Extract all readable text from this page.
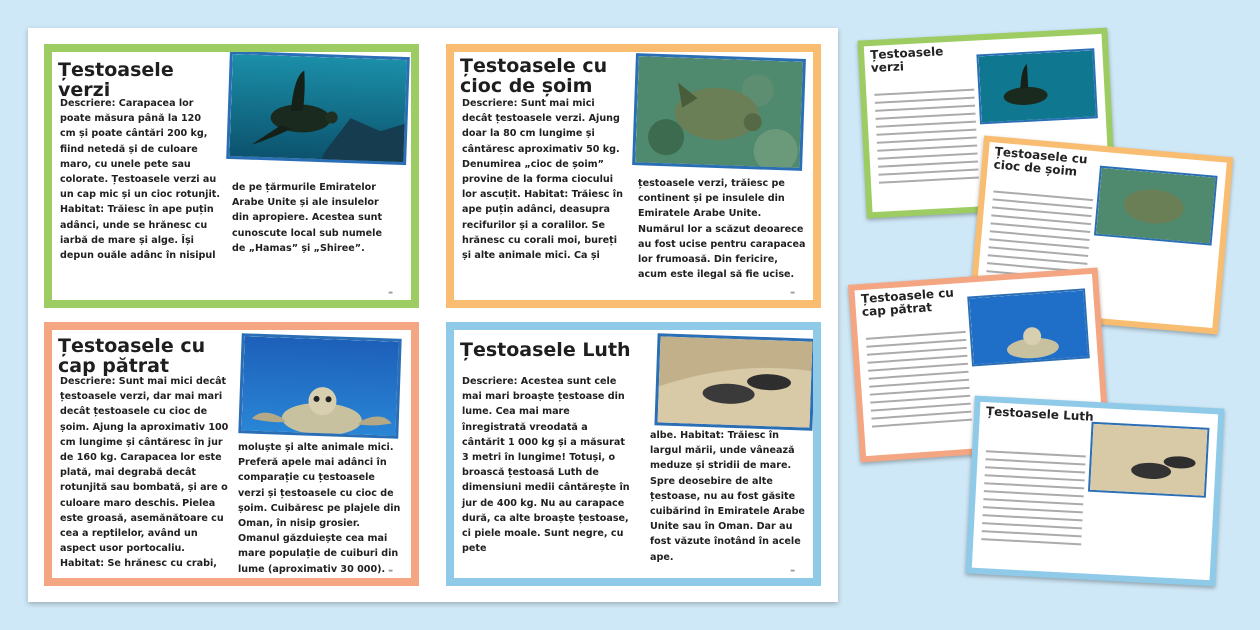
Țestoasele verzi
Descriere: Carapacea lor poate măsura până la 120 cm și poate cântări 200 kg, fiind netedă și de culoare maro, cu unele pete sau colorate. Țestoasele verzi au un cap mic și un cioc rotunjit. Habitat: Trăiesc în ape puțin adânci, unde se hrănesc cu iarbă de mare și alge. Își depun ouăle adânc în nisipul
de pe țărmurile Emiratelor Arabe Unite și ale insulelor din apropiere. Acestea sunt cunoscute local sub numele de „Hamas” și „Shiree”.
▬
Țestoasele cu cioc de șoim
Descriere: Sunt mai mici decât țestoasele verzi. Ajung doar la 80 cm lungime și cântăresc aproximativ 50 kg. Denumirea „cioc de șoim” provine de la forma ciocului lor ascuțit. Habitat: Trăiesc în ape puțin adânci, deasupra recifurilor și a coralilor. Se hrănesc cu corali moi, bureți și alte animale mici. Ca și
țestoasele verzi, trăiesc pe continent și pe insulele din Emiratele Arabe Unite. Numărul lor a scăzut deoarece au fost ucise pentru carapacea lor frumoasă. Din fericire, acum este ilegal să fie ucise.
▬
Țestoasele cu cap pătrat
Descriere: Sunt mai mici decât țestoasele verzi, dar mai mari decât țestoasele cu cioc de șoim. Ajung la aproximativ 100 cm lungime și cântăresc în jur de 160 kg. Carapacea lor este plată, mai degrabă decât rotunjită sau bombată, și are o culoare maro deschis. Pielea este groasă, asemănătoare cu cea a reptilelor, având un aspect usor portocaliu. Habitat: Se hrănesc cu crabi,
moluște și alte animale mici. Preferă apele mai adânci în comparație cu țestoasele verzi și țestoasele cu cioc de șoim. Cuibăresc pe plajele din Oman, în nisip grosier. Omanul găzduiește cea mai mare populație de cuiburi din lume (aproximativ 30 000). ▬
Țestoasele Luth
Descriere: Acestea sunt cele mai mari broaște țestoase din lume. Cea mai mare înregistrată vreodată a cântărit 1 000 kg și a măsurat 3 metri în lungime! Totuși, o broască țestoasă Luth de dimensiuni medii cântărește în jur de 400 kg. Nu au carapace dură, ca alte broaște țestoase, ci piele moale. Sunt negre, cu pete
albe. Habitat: Trăiesc în largul mării, unde vânează meduze și stridii de mare. Spre deosebire de alte țestoase, nu au fost găsite cuibărind în Emiratele Arabe Unite sau în Oman. Dar au fost văzute înotând în acele ape.
▬
Țestoasele verzi
Țestoasele cu cioc de șoim
Țestoasele cu cap pătrat
Țestoasele Luth
